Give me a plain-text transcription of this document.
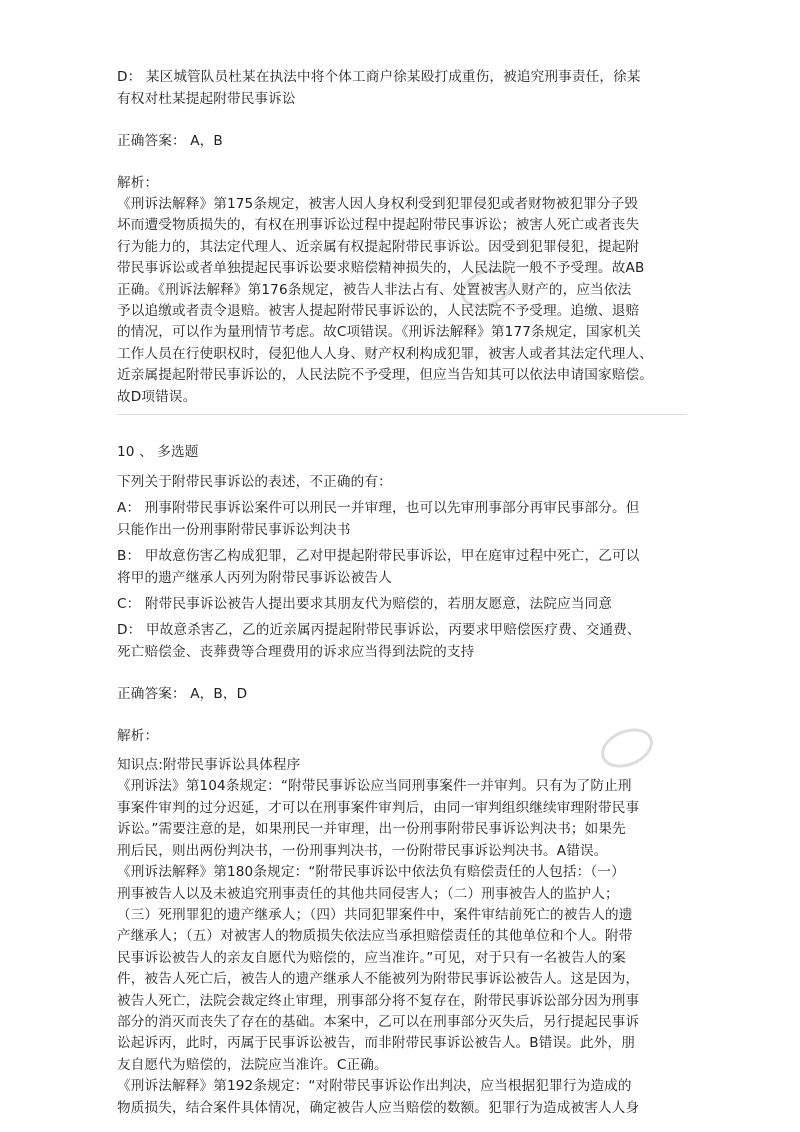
D： 某区城管队员杜某在执法中将个体工商户徐某殴打成重伤，被追究刑事责任，徐某
有权对杜某提起附带民事诉讼
正确答案： A，B
解析：
《刑诉法解释》第175条规定，被害人因人身权利受到犯罪侵犯或者财物被犯罪分子毁
坏而遭受物质损失的，有权在刑事诉讼过程中提起附带民事诉讼；被害人死亡或者丧失
行为能力的，其法定代理人、近亲属有权提起附带民事诉讼。因受到犯罪侵犯，提起附
带民事诉讼或者单独提起民事诉讼要求赔偿精神损失的，人民法院一般不予受理。故AB
正确。《刑诉法解释》第176条规定，被告人非法占有、处置被害人财产的，应当依法
予以追缴或者责令退赔。被害人提起附带民事诉讼的，人民法院不予受理。追缴、退赔
的情况，可以作为量刑情节考虑。故C项错误。《刑诉法解释》第177条规定，国家机关
工作人员在行使职权时，侵犯他人人身、财产权利构成犯罪，被害人或者其法定代理人、
近亲属提起附带民事诉讼的，人民法院不予受理，但应当告知其可以依法申请国家赔偿。
故D项错误。
10 、 多选题
下列关于附带民事诉讼的表述，不正确的有：
A： 刑事附带民事诉讼案件可以刑民一并审理，也可以先审刑事部分再审民事部分。但
只能作出一份刑事附带民事诉讼判决书
B： 甲故意伤害乙构成犯罪，乙对甲提起附带民事诉讼，甲在庭审过程中死亡，乙可以
将甲的遗产继承人丙列为附带民事诉讼被告人
C： 附带民事诉讼被告人提出要求其朋友代为赔偿的，若朋友愿意，法院应当同意
D： 甲故意杀害乙，乙的近亲属丙提起附带民事诉讼，丙要求甲赔偿医疗费、交通费、
死亡赔偿金、丧葬费等合理费用的诉求应当得到法院的支持
正确答案： A，B，D
解析：
知识点:附带民事诉讼具体程序
《刑诉法》第104条规定：“附带民事诉讼应当同刑事案件一并审判。只有为了防止刑
事案件审判的过分迟延，才可以在刑事案件审判后，由同一审判组织继续审理附带民事
诉讼。”需要注意的是，如果刑民一并审理，出一份刑事附带民事诉讼判决书；如果先
刑后民，则出两份判决书，一份刑事判决书，一份附带民事诉讼判决书。A错误。
《刑诉法解释》第180条规定：“附带民事诉讼中依法负有赔偿责任的人包括：（一）
刑事被告人以及未被追究刑事责任的其他共同侵害人；（二）刑事被告人的监护人；
（三）死刑罪犯的遗产继承人；（四）共同犯罪案件中，案件审结前死亡的被告人的遗
产继承人；（五）对被害人的物质损失依法应当承担赔偿责任的其他单位和个人。附带
民事诉讼被告人的亲友自愿代为赔偿的，应当准许。”可见，对于只有一名被告人的案
件，被告人死亡后，被告人的遗产继承人不能被列为附带民事诉讼被告人。这是因为，
被告人死亡，法院会裁定终止审理，刑事部分将不复存在，附带民事诉讼部分因为刑事
部分的消灭而丧失了存在的基础。本案中，乙可以在刑事部分灭失后，另行提起民事诉
讼起诉丙，此时，丙属于民事诉讼被告，而非附带民事诉讼被告人。B错误。此外，朋
友自愿代为赔偿的，法院应当准许。C正确。
《刑诉法解释》第192条规定：“对附带民事诉讼作出判决，应当根据犯罪行为造成的
物质损失，结合案件具体情况，确定被告人应当赔偿的数额。犯罪行为造成被害人人身
